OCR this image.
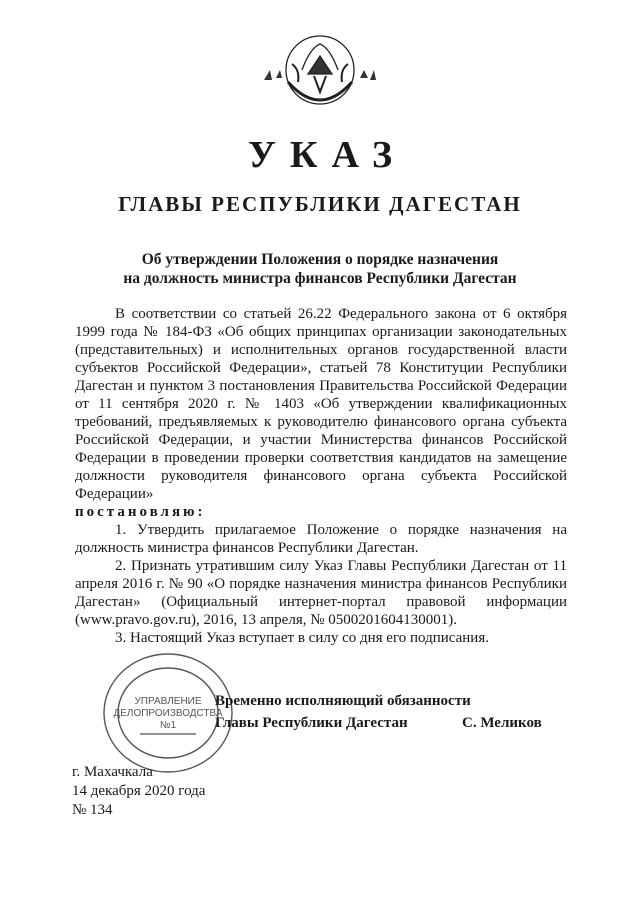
УКАЗ
ГЛАВЫ РЕСПУБЛИКИ ДАГЕСТАН
Об утверждении Положения о порядке назначения
на должность министра финансов Республики Дагестан

В соответствии со статьей 26.22 Федерального закона от 6 октября 1999 года № 184-ФЗ «Об общих принципах организации законодательных (представительных) и исполнительных органов государственной власти субъектов Российской Федерации», статьей 78 Конституции Республики Дагестан и пунктом 3 постановления Правительства Российской Федерации от 11 сентября 2020 г. № 1403 «Об утверждении квалификационных требований, предъявляемых к руководителю финансового органа субъекта Российской Федерации, и участии Министерства финансов Российской Федерации в проведении проверки соответствия кандидатов на замещение должности руководителя финансового органа субъекта Российской Федерации»

постановляю:

1. Утвердить прилагаемое Положение о порядке назначения на должность министра финансов Республики Дагестан.

2. Признать утратившим силу Указ Главы Республики Дагестан от 11 апреля 2016 г. № 90 «О порядке назначения министра финансов Республики Дагестан» (Официальный интернет-портал правовой информации (www.pravo.gov.ru), 2016, 13 апреля, № 0500201604130001).

3. Настоящий Указ вступает в силу со дня его подписания.

УПРАВЛЕНИЕ
ДЕЛОПРОИЗВОДСТВА
№1

Временно исполняющий обязанности

Главы Республики Дагестан	С. Меликов

г. Махачкала

14 декабря 2020 года

№ 134
